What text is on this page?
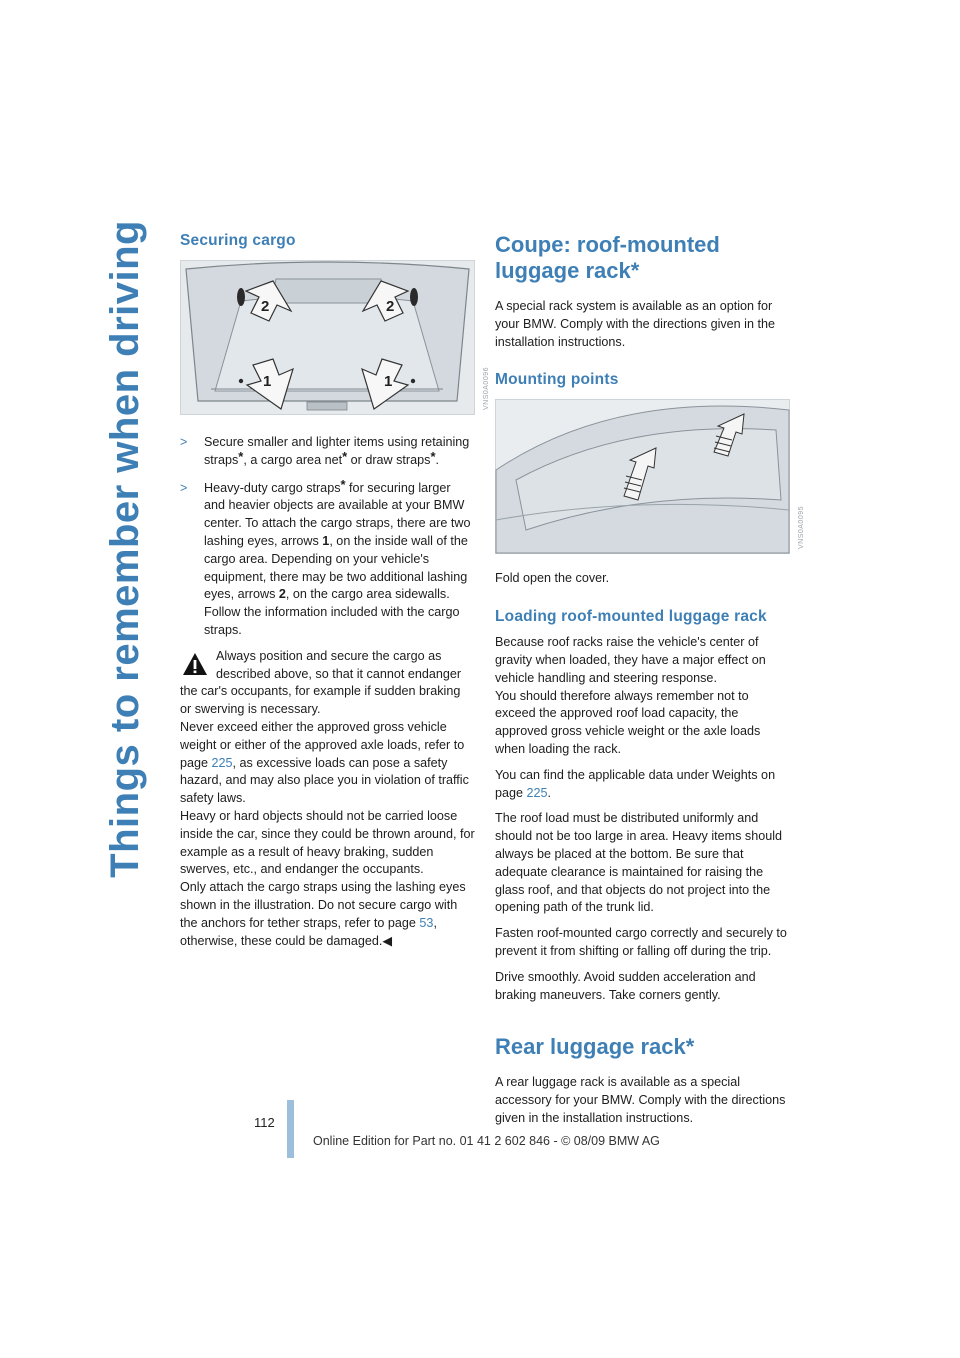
Things to remember when driving Securing cargo
2	2
1	1	VNS0A0096
> Secure smaller and lighter items using retaining straps*, a cargo area net* or draw straps*.
> Heavy-duty cargo straps* for securing larger and heavier objects are available at your BMW center. To attach the cargo straps, there are two lashing eyes, arrows 1, on the inside wall of the cargo area. Depending on your vehicle's equipment, there may be two additional lashing eyes, arrows 2, on the cargo area sidewalls. Follow the information included with the cargo straps.

Always position and secure the cargo as

described above, so that it cannot endanger the car's occupants, for example if sudden braking or swerving is necessary.

Never exceed either the approved gross vehicle weight or either of the approved axle loads, refer to page 225, as excessive loads can pose a safety hazard, and may also place you in violation of traffic safety laws.

Heavy or hard objects should not be carried loose inside the car, since they could be thrown around, for example as a result of heavy braking, sudden swerves, etc., and endanger the occupants.

Only attach the cargo straps using the lashing eyes shown in the illustration. Do not secure cargo with the anchors for tether straps, refer to page 53, otherwise, these could be damaged.◀

Coupe: roof-mounted luggage rack*

A special rack system is available as an option for your BMW. Comply with the directions given in the installation instructions.

Mounting points
VNS0A0095

Fold open the cover.

Loading roof-mounted luggage rack

Because roof racks raise the vehicle's center of gravity when loaded, they have a major effect on vehicle handling and steering response.

You should therefore always remember not to exceed the approved roof load capacity, the approved gross vehicle weight or the axle loads when loading the rack.

You can find the applicable data under Weights on page 225.

The roof load must be distributed uniformly and should not be too large in area. Heavy items should always be placed at the bottom. Be sure that adequate clearance is maintained for raising the glass roof, and that objects do not project into the opening path of the trunk lid.

Fasten roof-mounted cargo correctly and securely to prevent it from shifting or falling off during the trip.

Drive smoothly. Avoid sudden acceleration and braking maneuvers. Take corners gently.

Rear luggage rack*

A rear luggage rack is available as a special accessory for your BMW. Comply with the directions given in the installation instructions.

112
Online Edition for Part no. 01 41 2 602 846 - © 08/09 BMW AG
